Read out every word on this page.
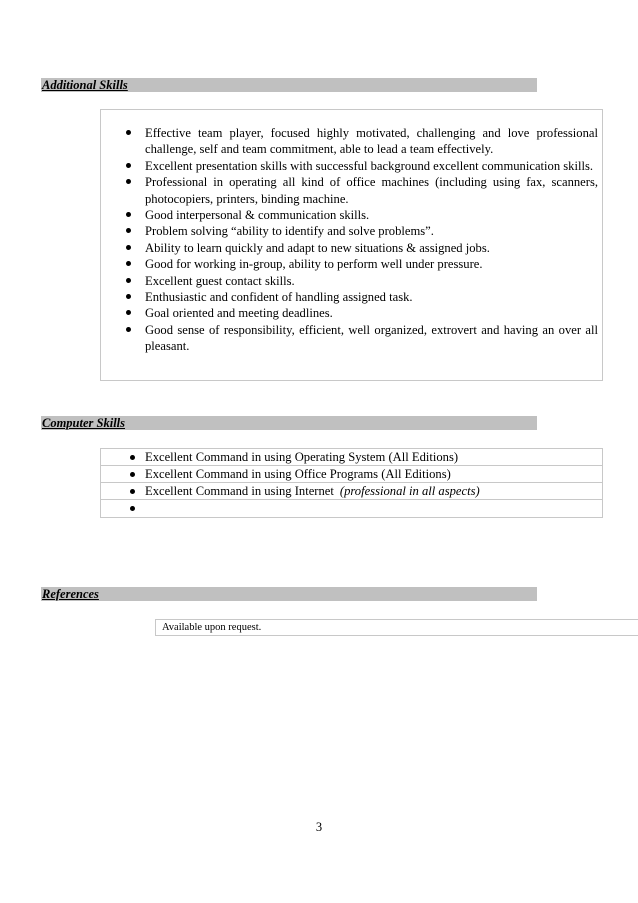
Additional Skills
Effective team player, focused highly motivated, challenging and love professional challenge, self and team commitment, able to lead a team effectively.
Excellent presentation skills with successful background excellent communication skills.
Professional in operating all kind of office machines (including using fax, scanners, photocopiers, printers, binding machine.
Good interpersonal & communication skills.
Problem solving “ability to identify and solve problems”.
Ability to learn quickly and adapt to new situations & assigned jobs.
Good for working in-group, ability to perform well under pressure.
Excellent guest contact skills.
Enthusiastic and confident of handling assigned task.
Goal oriented and meeting deadlines.
Good sense of responsibility, efficient, well organized, extrovert and having an over all pleasant.
Computer Skills
Excellent Command in using Operating System (All Editions)
Excellent Command in using Office Programs (All Editions)
Excellent Command in using Internet (professional in all aspects)
References
Available upon request.
3
